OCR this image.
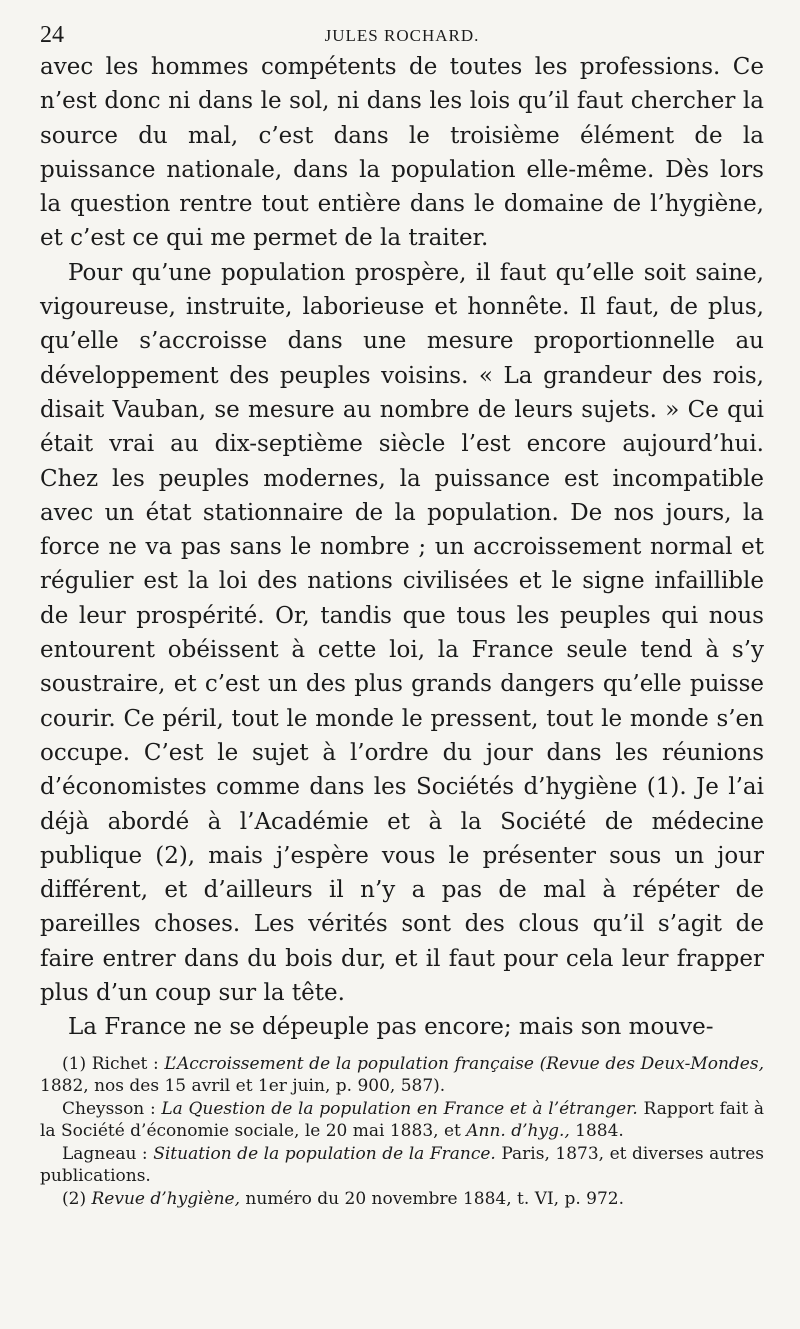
24	JULES ROCHARD.

avec les hommes compétents de toutes les professions. Ce n’est donc ni dans le sol, ni dans les lois qu’il faut chercher la source du mal, c’est dans le troisième élément de la puissance nationale, dans la population elle-même. Dès lors la question rentre tout entière dans le domaine de l’hygiène, et c’est ce qui me permet de la traiter.

Pour qu’une population prospère, il faut qu’elle soit saine, vigoureuse, instruite, laborieuse et honnête. Il faut, de plus, qu’elle s’accroisse dans une mesure proportionnelle au développement des peuples voisins. « La grandeur des rois, disait Vauban, se mesure au nombre de leurs sujets. » Ce qui était vrai au dix-septième siècle l’est encore aujourd’hui. Chez les peuples modernes, la puissance est incompatible avec un état stationnaire de la population. De nos jours, la force ne va pas sans le nombre ; un accroissement normal et régulier est la loi des nations civilisées et le signe infaillible de leur prospérité. Or, tandis que tous les peuples qui nous entourent obéissent à cette loi, la France seule tend à s’y soustraire, et c’est un des plus grands dangers qu’elle puisse courir. Ce péril, tout le monde le pressent, tout le monde s’en occupe. C’est le sujet à l’ordre du jour dans les réunions d’économistes comme dans les Sociétés d’hygiène (1). Je l’ai déjà abordé à l’Académie et à la Société de médecine publique (2), mais j’espère vous le présenter sous un jour différent, et d’ailleurs il n’y a pas de mal à répéter de pareilles choses. Les vérités sont des clous qu’il s’agit de faire entrer dans du bois dur, et il faut pour cela leur frapper plus d’un coup sur la tête.

La France ne se dépeuple pas encore; mais son mouve-

(1) Richet : L’Accroissement de la population française (Revue des Deux-Mondes, 1882, nos des 15 avril et 1er juin, p. 900, 587).

Cheysson : La Question de la population en France et à l’étranger. Rapport fait à la Société d’économie sociale, le 20 mai 1883, et Ann. d’hyg., 1884.

Lagneau : Situation de la population de la France. Paris, 1873, et diverses autres publications.

(2) Revue d’hygiène, numéro du 20 novembre 1884, t. VI, p. 972.
